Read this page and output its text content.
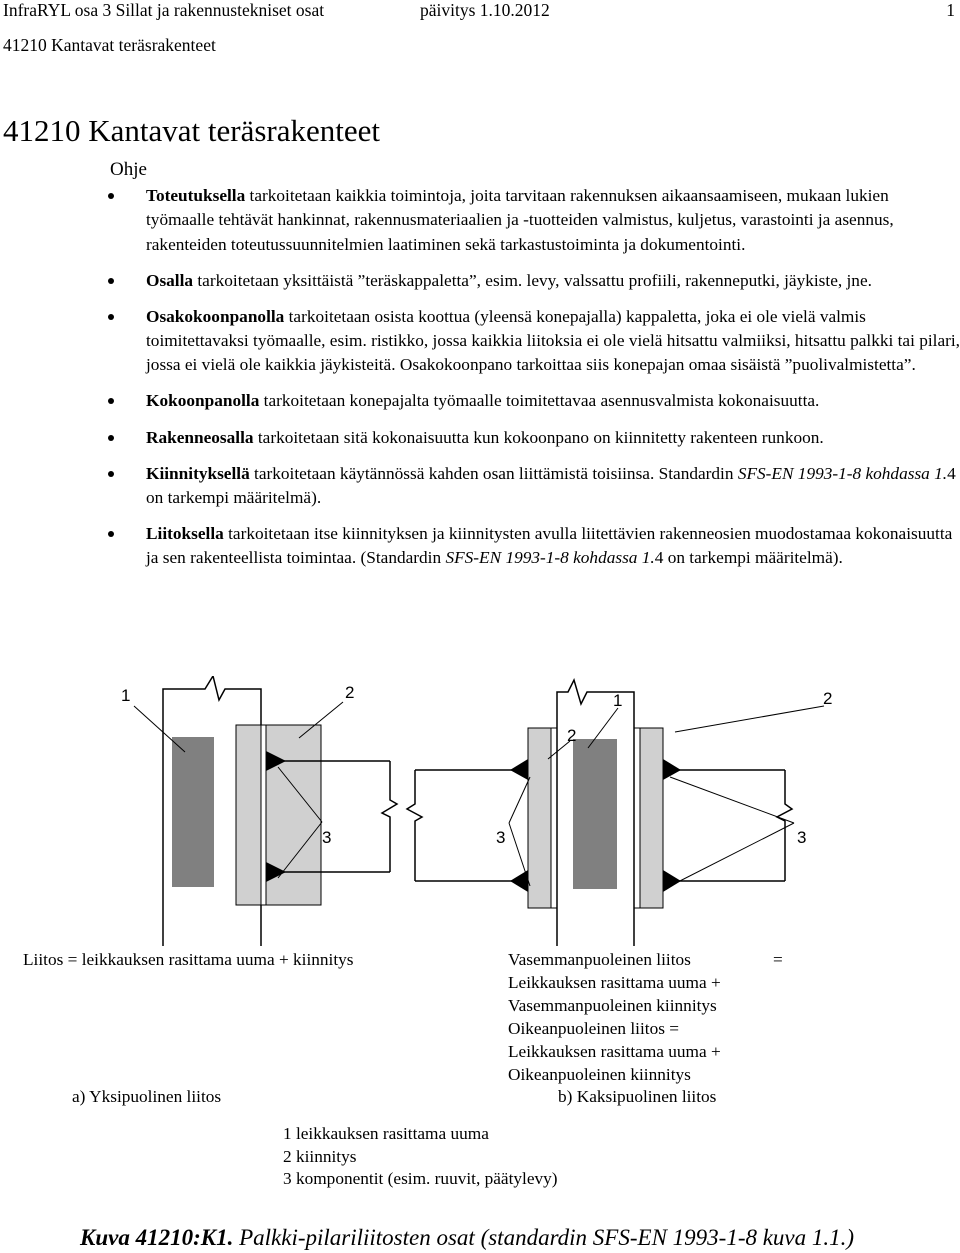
InfraRYL osa 3 Sillat ja rakennustekniset osat	päivitys 1.10.2012	1
41210 Kantavat teräsrakenteet
41210 Kantavat teräsrakenteet
Ohje
Toteutuksella tarkoitetaan kaikkia toimintoja, joita tarvitaan rakennuksen aikaansaamiseen, mukaan lukien työmaalle tehtävät hankinnat, rakennusmateriaalien ja -tuotteiden valmistus, kuljetus, varastointi ja asennus, rakenteiden toteutussuunnitelmien laatiminen sekä tarkastustoiminta ja dokumentointi.
Osalla tarkoitetaan yksittäistä ”teräskappaletta”, esim. levy, valssattu profiili, rakenneputki, jäykiste, jne.
Osakokoonpanolla tarkoitetaan osista koottua (yleensä konepajalla) kappaletta, joka ei ole vielä valmis toimitettavaksi työmaalle, esim. ristikko, jossa kaikkia liitoksia ei ole vielä hitsattu valmiiksi, hitsattu palkki tai pilari, jossa ei vielä ole kaikkia jäykisteitä. Osakokoonpano tarkoittaa siis konepajan omaa sisäistä ”puolivalmistetta”.
Kokoonpanolla tarkoitetaan konepajalta työmaalle toimitettavaa asennusvalmista kokonaisuutta.
Rakenneosalla tarkoitetaan sitä kokonaisuutta kun kokoonpano on kiinnitetty rakenteen runkoon.
Kiinnityksellä tarkoitetaan käytännössä kahden osan liittämistä toisiinsa. Standardin SFS-EN 1993-1-8 kohdassa 1.4 on tarkempi määritelmä).
Liitoksella tarkoitetaan itse kiinnityksen ja kiinnitysten avulla liitettävien rakenneosien muodostamaa kokonaisuutta ja sen rakenteellista toimintaa. (Standardin SFS-EN 1993-1-8 kohdassa 1.4 on tarkempi määritelmä).
1	2
3
1	2
2
3	3
Liitos = leikkauksen rasittama uuma + kiinnitys	Vasemmanpuoleinen liitos	=
Leikkauksen rasittama uuma +
Vasemmanpuoleinen kiinnitys
Oikeanpuoleinen liitos =
Leikkauksen rasittama uuma +
Oikeanpuoleinen kiinnitys
a) Yksipuolinen liitos	b) Kaksipuolinen liitos
1 leikkauksen rasittama uuma
2 kiinnitys
3 komponentit (esim. ruuvit, päätylevy)
Kuva 41210:K1. Palkki-pilariliitosten osat (standardin SFS-EN 1993-1-8 kuva 1.1.)
